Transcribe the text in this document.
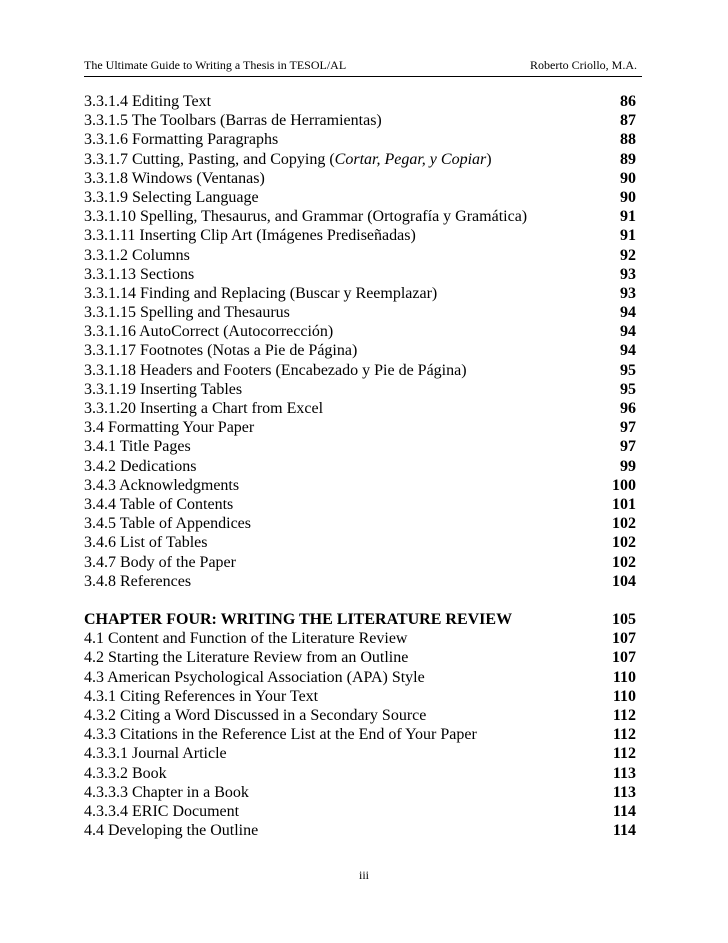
The Ultimate Guide to Writing a Thesis in TESOL/AL	Roberto Criollo, M.A.
3.3.1.4 Editing Text	86
3.3.1.5 The Toolbars (Barras de Herramientas)	87
3.3.1.6 Formatting Paragraphs	88
3.3.1.7 Cutting, Pasting, and Copying (Cortar, Pegar, y Copiar)	89
3.3.1.8 Windows (Ventanas)	90
3.3.1.9 Selecting Language	90
3.3.1.10 Spelling, Thesaurus, and Grammar (Ortografía y Gramática)	91
3.3.1.11 Inserting Clip Art (Imágenes Prediseñadas)	91
3.3.1.2 Columns	92
3.3.1.13 Sections	93
3.3.1.14 Finding and Replacing (Buscar y Reemplazar)	93
3.3.1.15 Spelling and Thesaurus	94
3.3.1.16 AutoCorrect (Autocorrección)	94
3.3.1.17 Footnotes (Notas a Pie de Página)	94
3.3.1.18 Headers and Footers (Encabezado y Pie de Página)	95
3.3.1.19 Inserting Tables	95
3.3.1.20 Inserting a Chart from Excel	96
3.4 Formatting Your Paper	97
3.4.1 Title Pages	97
3.4.2 Dedications	99
3.4.3 Acknowledgments	100
3.4.4 Table of Contents	101
3.4.5 Table of Appendices	102
3.4.6 List of Tables	102
3.4.7 Body of the Paper	102
3.4.8 References	104
CHAPTER FOUR: WRITING THE LITERATURE REVIEW	105
4.1 Content and Function of the Literature Review	107
4.2 Starting the Literature Review from an Outline	107
4.3 American Psychological Association (APA) Style	110
4.3.1 Citing References in Your Text	110
4.3.2 Citing a Word Discussed in a Secondary Source	112
4.3.3 Citations in the Reference List at the End of Your Paper	112
4.3.3.1 Journal Article	112
4.3.3.2 Book	113
4.3.3.3 Chapter in a Book	113
4.3.3.4 ERIC Document	114
4.4 Developing the Outline	114
iii
